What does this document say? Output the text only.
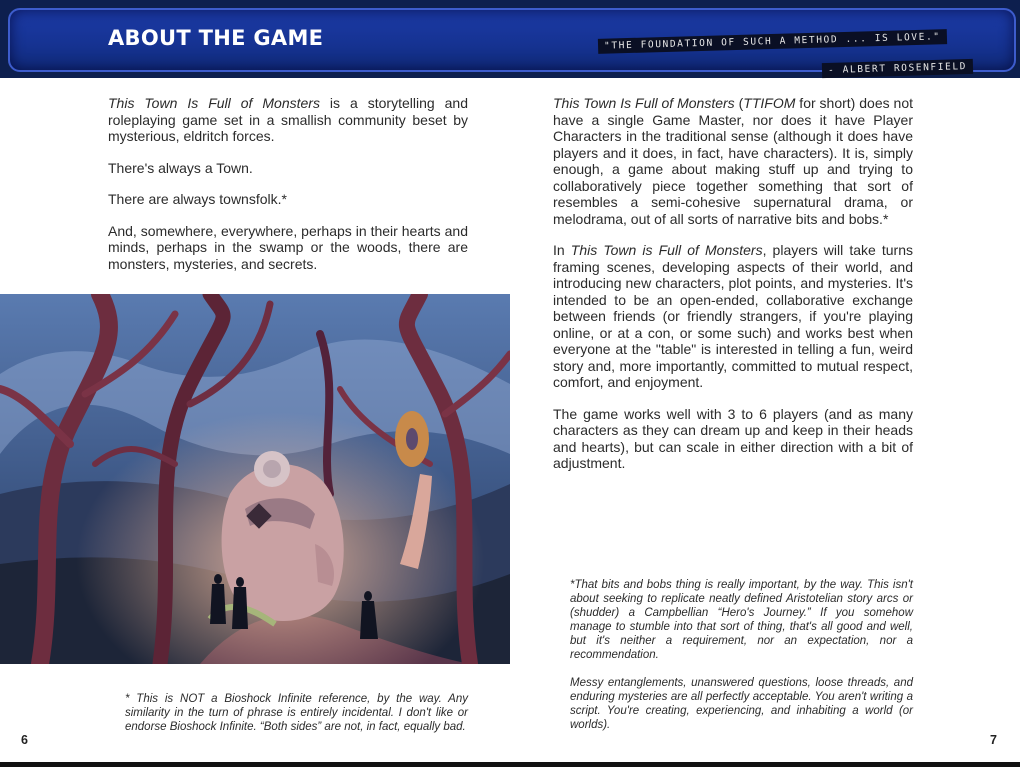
ABOUT THE GAME	"THE FOUNDATION OF SUCH A METHOD ... IS LOVE."
- ALBERT ROSENFIELD

This Town Is Full of Monsters is a storytelling and roleplaying game set in a smallish community beset by mysterious, eldritch forces.

There's always a Town.

There are always townsfolk.*

And, somewhere, everywhere, perhaps in their hearts and minds, perhaps in the swamp or the woods, there are monsters, mysteries, and secrets.

This Town Is Full of Monsters (TTIFOM for short) does not have a single Game Master, nor does it have Player Characters in the traditional sense (although it does have players and it does, in fact, have characters). It is, simply enough, a game about making stuff up and trying to collaboratively piece together something that sort of resembles a semi-cohesive supernatural drama, or melodrama, out of all sorts of narrative bits and bobs.*

In This Town is Full of Monsters, players will take turns framing scenes, developing aspects of their world, and introducing new characters, plot points, and mysteries. It's intended to be an open-ended, collaborative exchange between friends (or friendly strangers, if you're playing online, or at a con, or some such) and works best when everyone at the "table" is interested in telling a fun, weird story and, more importantly, committed to mutual respect, comfort, and enjoyment.

The game works well with 3 to 6 players (and as many characters as they can dream up and keep in their heads and hearts), but can scale in either direction with a bit of adjustment.

* This is NOT a Bioshock Infinite reference, by the way. Any similarity in the turn of phrase is entirely incidental. I don't like or endorse Bioshock Infinite. “Both sides” are not, in fact, equally bad.

*That bits and bobs thing is really important, by the way. This isn't about seeking to replicate neatly defined Aristotelian story arcs or (shudder) a Campbellian “Hero's Journey.” If you somehow manage to stumble into that sort of thing, that's all good and well, but it's neither a requirement, nor an expectation, nor a recommendation.

Messy entanglements, unanswered questions, loose threads, and enduring mysteries are all perfectly acceptable. You aren't writing a script. You're creating, experiencing, and inhabiting a world (or worlds).

6	7
